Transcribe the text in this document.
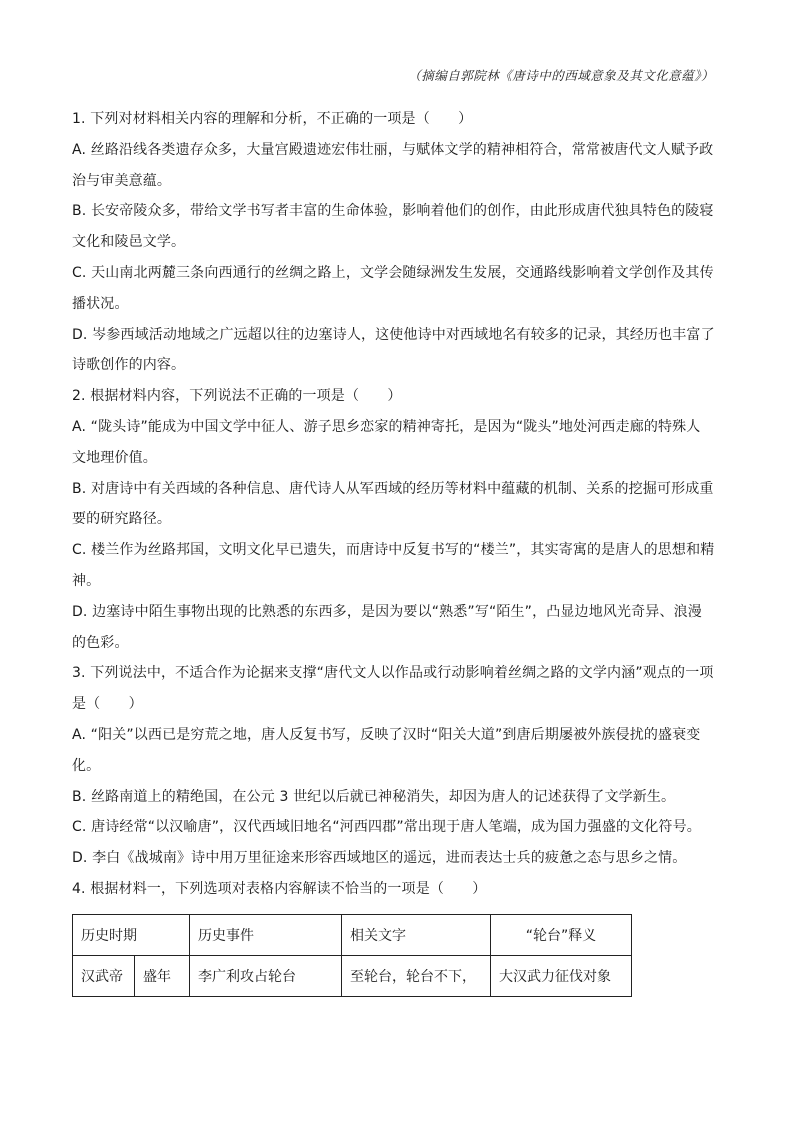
（摘编自郭院林《唐诗中的西域意象及其文化意蕴》）
1. 下列对材料相关内容的理解和分析，不正确的一项是（　　）
A. 丝路沿线各类遗存众多，大量宫殿遗迹宏伟壮丽，与赋体文学的精神相符合，常常被唐代文人赋予政
治与审美意蕴。
B. 长安帝陵众多，带给文学书写者丰富的生命体验，影响着他们的创作，由此形成唐代独具特色的陵寝
文化和陵邑文学。
C. 天山南北两麓三条向西通行的丝绸之路上，文学会随绿洲发生发展，交通路线影响着文学创作及其传
播状况。
D. 岑参西域活动地域之广远超以往的边塞诗人，这使他诗中对西域地名有较多的记录，其经历也丰富了
诗歌创作的内容。
2. 根据材料内容，下列说法不正确的一项是（　　）
A. “陇头诗”能成为中国文学中征人、游子思乡恋家的精神寄托，是因为“陇头”地处河西走廊的特殊人
文地理价值。
B. 对唐诗中有关西域的各种信息、唐代诗人从军西域的经历等材料中蕴藏的机制、关系的挖掘可形成重
要的研究路径。
C. 楼兰作为丝路邦国，文明文化早已遗失，而唐诗中反复书写的“楼兰”，其实寄寓的是唐人的思想和精
神。
D. 边塞诗中陌生事物出现的比熟悉的东西多，是因为要以“熟悉”写“陌生”，凸显边地风光奇异、浪漫
的色彩。
3. 下列说法中，不适合作为论据来支撑“唐代文人以作品或行动影响着丝绸之路的文学内涵”观点的一项
是（　　）
A. “阳关”以西已是穷荒之地，唐人反复书写，反映了汉时“阳关大道”到唐后期屡被外族侵扰的盛衰变
化。
B. 丝路南道上的精绝国，在公元 3 世纪以后就已神秘消失，却因为唐人的记述获得了文学新生。
C. 唐诗经常“以汉喻唐”，汉代西域旧地名“河西四郡”常出现于唐人笔端，成为国力强盛的文化符号。
D. 李白《战城南》诗中用万里征途来形容西域地区的遥远，进而表达士兵的疲惫之态与思乡之情。
4. 根据材料一，下列选项对表格内容解读不恰当的一项是（　　）
历史时期		历史事件	相关文字	“轮台”释义
汉武帝	盛年	李广利攻占轮台	至轮台，轮台不下，	大汉武力征伐对象
